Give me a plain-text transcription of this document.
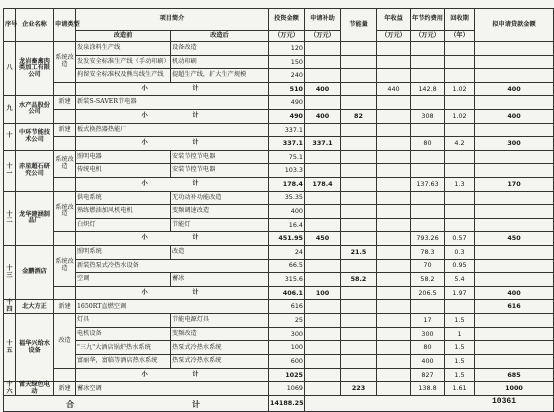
序号	企业名称	申请类型	项目简介		投资金额	申请补助	节能量	年收益	年节约费用	回收期	拟申请贷款金额
			改造前	改造后	（万元）	（万元）		（万元）	（万元）	（年）	
八	龙岩畜禽肉类加工有限公司	系统改造	发泉涂料生产线	设备改造	120						
			发发安全标准生产线（手动印刷）	机动印刷	150						
			拘留安全标准权及熊鸟线生产线	提超生产线，扩大生产规模	240						
			小　　　　计		510	400		440	142.8	1.02	400
九	水产品股份公司	新建	新装S-SAVER节电器		490						
			小　　　　计		490	400	82		308	1.02	400
十	中环节能技术公司	新建	板式换热器热能厂		337.1						
			小　　　　计		337.1	337.1			80	4.2	300
十一	赤星超石研究公司	系统改造	照明电器	安装节控节电器	75.1						
			传统电机	安装节控节电器	103.3						
			小　　　　计		178.4	178.4			137.63	1.3	170
十二	龙华建涵制品厂	系统改造	供电系统	无功动补功能改造	35.35						
			熟练燃油加风机电机	变频调速改造	400						
			白炽灯	节能灯	16.4						
			小　　　　计		451.95	450			793.26	0.57	450
十三	金鹏酒店	系统改造	照明系统	改造	24		21.5		78.3	0.3	
			新装热泵式冷热水设备		66.5				70	0.95	
			空调	蓄冰	315.6		58.2		58.2	5.4	
			小　　　　计		406.1	100			206.5	1.97	400
十四	北大方正	新建	1650RT直燃空调		616						616
十五	福华兴给水设备	改造	灯具	节能电源灯具	25				17	1.5	
			电机设备	变频改造	300				300	1	
			"三九"大酒店锅炉热水系统	热泵式冷热水系统	100				80	1.5	
			富丽华，富临等酒店热水系统	热泵式冷热水系统	600				400	1.5	
			小　　　　计		1025				827	1.5	685
十六	雷天绿色电动	新建	蓄冰空调		1069		223		138.8	1.61	1000
合　　　　　　　　计					14188.25							10361
